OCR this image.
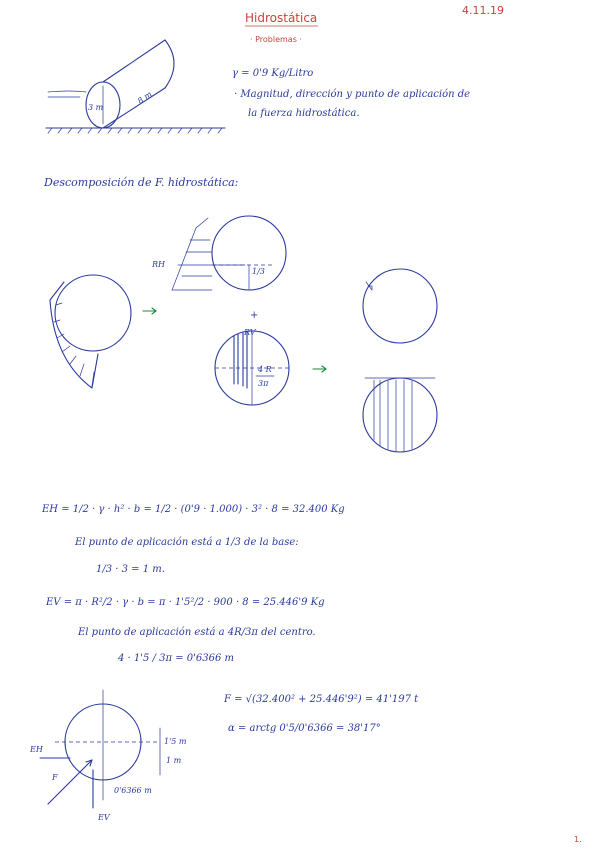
Hidrostática
· Problemas ·
4.11.19
3 m
8 m
γ = 0'9 Kg/Litro
· Magnitud, dirección y punto de aplicación de
la fuerza hidrostática.
Descomposición de F. hidrostática:
RH
1/3
+
RV
4 R
3π
EH = 1/2 · γ · h² · b = 1/2 · (0'9 · 1.000) · 3² · 8 = 32.400 Kg
El punto de aplicación está a 1/3 de la base:
1/3 · 3 = 1 m.
EV = π · R²/2 · γ · b = π · 1'5²/2 · 900 · 8 = 25.446'9 Kg
El punto de aplicación está a 4R/3π del centro.
4 · 1'5 / 3π = 0'6366 m
F = √(32.400² + 25.446'9²) = 41'197 t
α = arctg 0'5/0'6366 = 38'17°
EH
F
EV
1'5 m
1 m
0'6366 m
1.
